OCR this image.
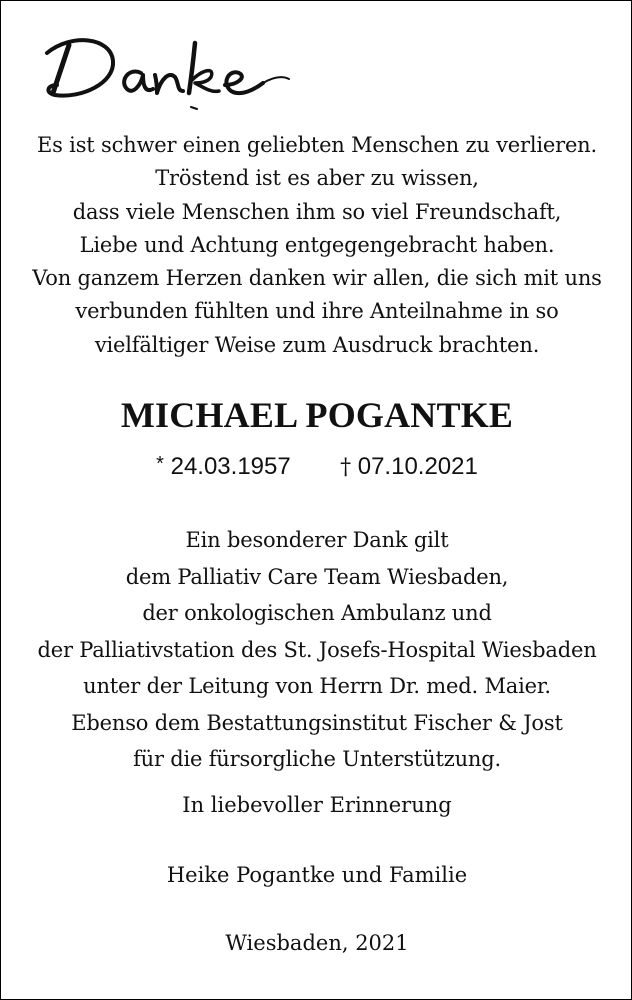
Es ist schwer einen geliebten Menschen zu verlieren.
Tröstend ist es aber zu wissen,
dass viele Menschen ihm so viel Freundschaft,
Liebe und Achtung entgegengebracht haben.
Von ganzem Herzen danken wir allen, die sich mit uns
verbunden fühlten und ihre Anteilnahme in so
vielfältiger Weise zum Ausdruck brachten.
MICHAEL POGANTKE
* 24.03.1957 † 07.10.2021
Ein besonderer Dank gilt
dem Palliativ Care Team Wiesbaden,
der onkologischen Ambulanz und
der Palliativstation des St. Josefs-Hospital Wiesbaden
unter der Leitung von Herrn Dr. med. Maier.
Ebenso dem Bestattungsinstitut Fischer & Jost
für die fürsorgliche Unterstützung.
In liebevoller Erinnerung
Heike Pogantke und Familie
Wiesbaden, 2021
